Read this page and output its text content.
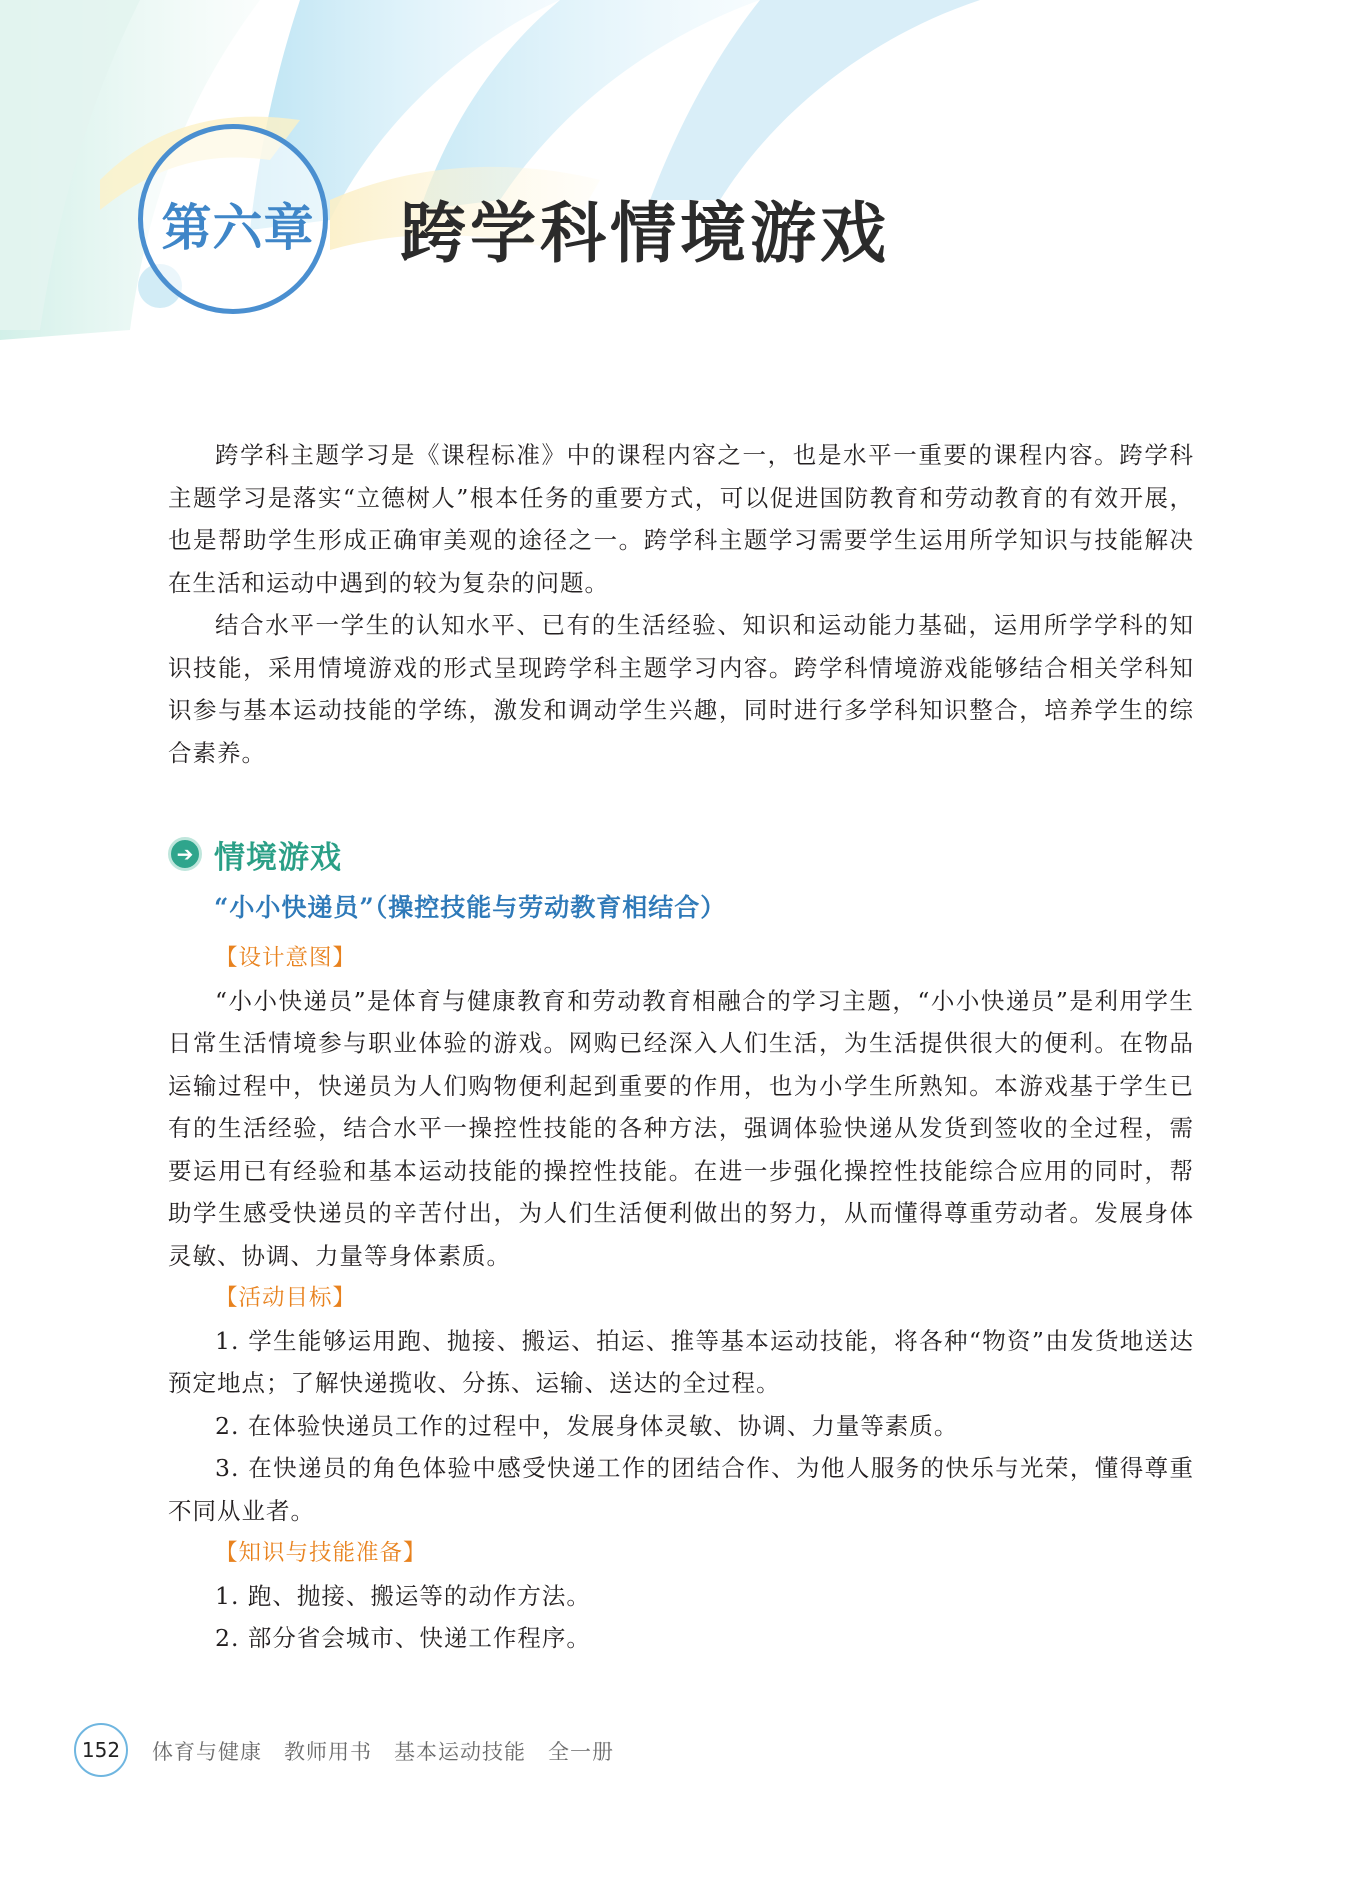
第六章 跨学科情境游戏

跨学科主题学习是《课程标准》中的课程内容之一，也是水平一重要的课程内容。跨学科主题学习是落实“立德树人”根本任务的重要方式，可以促进国防教育和劳动教育的有效开展，也是帮助学生形成正确审美观的途径之一。跨学科主题学习需要学生运用所学知识与技能解决在生活和运动中遇到的较为复杂的问题。

结合水平一学生的认知水平、已有的生活经验、知识和运动能力基础，运用所学学科的知识技能，采用情境游戏的形式呈现跨学科主题学习内容。跨学科情境游戏能够结合相关学科知识参与基本运动技能的学练，激发和调动学生兴趣，同时进行多学科知识整合，培养学生的综合素养。

➔ 情境游戏
“小小快递员”（操控技能与劳动教育相结合）
【设计意图】

“小小快递员”是体育与健康教育和劳动教育相融合的学习主题，“小小快递员”是利用学生日常生活情境参与职业体验的游戏。网购已经深入人们生活，为生活提供很大的便利。在物品运输过程中，快递员为人们购物便利起到重要的作用，也为小学生所熟知。本游戏基于学生已有的生活经验，结合水平一操控性技能的各种方法，强调体验快递从发货到签收的全过程，需要运用已有经验和基本运动技能的操控性技能。在进一步强化操控性技能综合应用的同时，帮助学生感受快递员的辛苦付出，为人们生活便利做出的努力，从而懂得尊重劳动者。发展身体灵敏、协调、力量等身体素质。

【活动目标】

1. 学生能够运用跑、抛接、搬运、拍运、推等基本运动技能，将各种“物资”由发货地送达预定地点；了解快递揽收、分拣、运输、送达的全过程。

2. 在体验快递员工作的过程中，发展身体灵敏、协调、力量等素质。

3. 在快递员的角色体验中感受快递工作的团结合作、为他人服务的快乐与光荣，懂得尊重不同从业者。

【知识与技能准备】

1. 跑、抛接、搬运等的动作方法。

2. 部分省会城市、快递工作程序。

152	体育与健康　教师用书　基本运动技能　全一册
